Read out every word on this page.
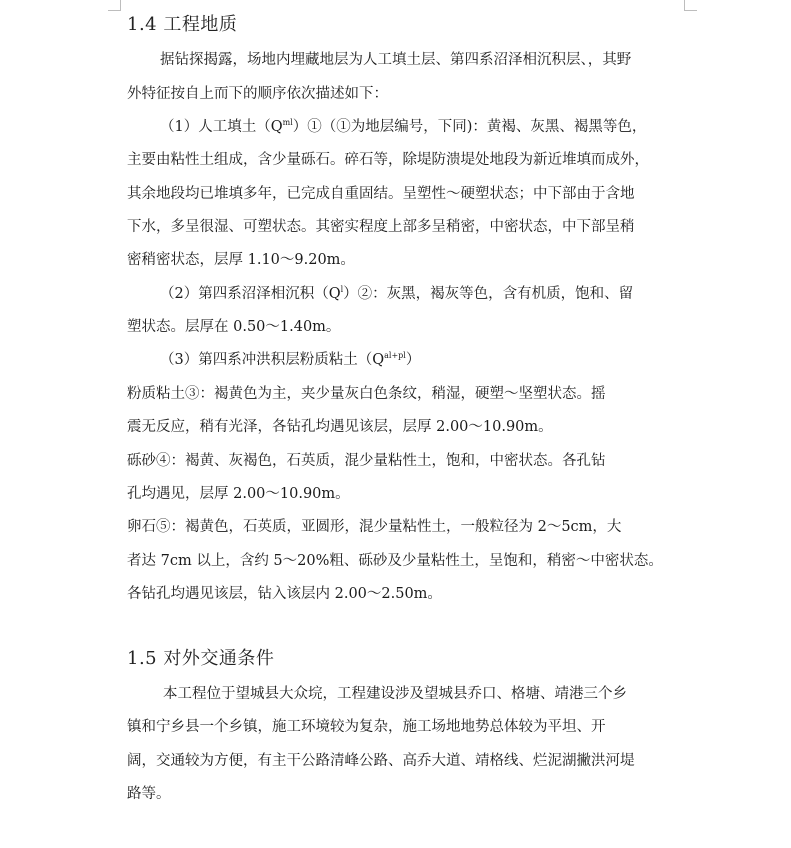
1.4 工程地质
据钻探揭露，场地内埋藏地层为人工填土层、第四系沼泽相沉积层、，其野
外特征按自上而下的顺序依次描述如下：
（1）人工填土$(Q^{ml})①(①$为地层编号，下同)：黄褐、灰黑、褐黑等色，
主要由粘性土组成，含少量砾石。碎石等，除堤防溃堤处地段为新近堆填而成外，
其余地段均已堆填多年，已完成自重固结。呈塑性～硬塑状态；中下部由于含地
下水，多呈很湿、可塑状态。其密实程度上部多呈稍密，中密状态，中下部呈稍
密稍密状态，层厚 1.10～9.20m。
（2）第四系沼泽相沉积$(Q^l)②$：灰黑，褐灰等色，含有机质，饱和、留
塑状态。层厚在 0.50～1.40m。
（3）第四系冲洪积层粉质粘土$(Q^{al+pl})$
粉质粘土③：褐黄色为主，夹少量灰白色条纹，稍湿，硬塑～坚塑状态。摇
震无反应，稍有光泽，各钻孔均遇见该层，层厚 2.00～10.90m。
砾砂④：褐黄、灰褐色，石英质，混少量粘性土，饱和，中密状态。各孔钻
孔均遇见，层厚 2.00～10.90m。
卵石⑤：褐黄色，石英质，亚圆形，混少量粘性土，一般粒径为 2～5cm，大
者达 7cm 以上，含约 5～20%粗、砾砂及少量粘性土，呈饱和，稍密～中密状态。
各钻孔均遇见该层，钻入该层内 2.00～2.50m。
1.5 对外交通条件
本工程位于望城县大众垸，工程建设涉及望城县乔口、格塘、靖港三个乡
镇和宁乡县一个乡镇，施工环境较为复杂，施工场地地势总体较为平坦、开
阔，交通较为方便，有主干公路清峰公路、高乔大道、靖格线、烂泥湖撇洪河堤
路等。
